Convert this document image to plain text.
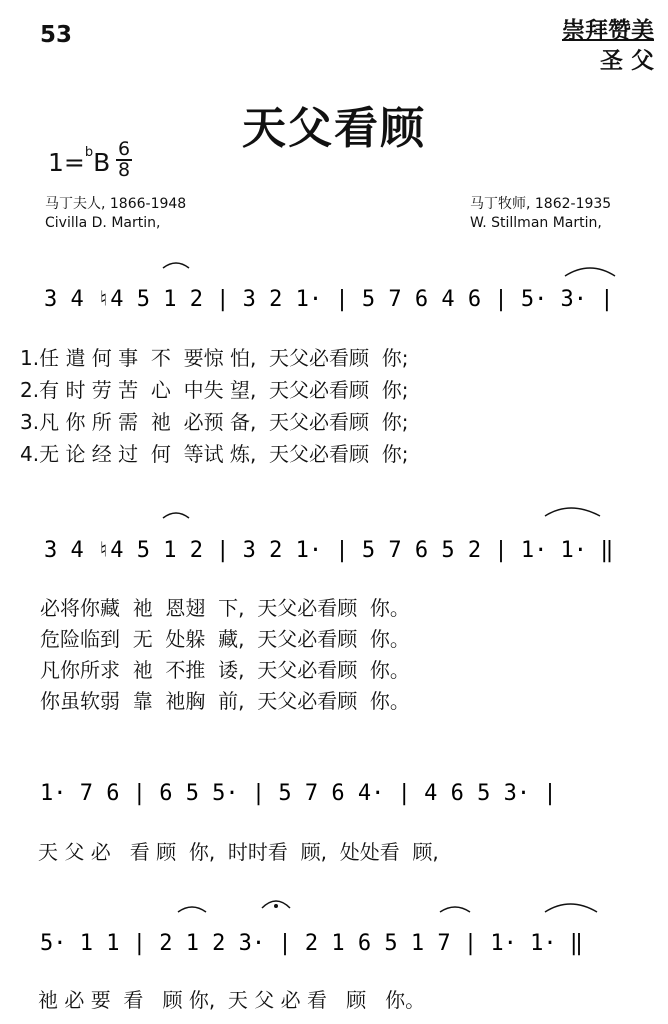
53	崇拜赞美
圣 父
天父看顾
1=$^b$B 6
8
马丁夫人, 1866-1948
Civilla D. Martin,
马丁牧师, 1862-1935
W. Stillman Martin,
3 4 ♮4 5 1 2 | 3 2 1· | 5 7 6 4 6 | 5· 3· |
3 4 ♮4 5 1 2 | 3 2 1· | 5 7 6 5 2 | 1· 1· ‖
1· 7 6 | 6 5 5· | 5 7 6 4· | 4 6 5 3· |
5· 1 1 | 2 1 2 3· | 2 1 6 5 1 7 | 1· 1· ‖
1.任 遣 何 事  不  要惊 怕,  天父必看顾  你;
2.有 时 劳 苦  心  中失 望,  天父必看顾  你;
3.凡 你 所 需  祂  必预 备,  天父必看顾  你;
4.无 论 经 过  何  等试 炼,  天父必看顾  你;
必将你藏  祂  恩翅  下,  天父必看顾  你。
危险临到  无  处躲  藏,  天父必看顾  你。
凡你所求  祂  不推  诿,  天父必看顾  你。
你虽软弱  靠  祂胸  前,  天父必看顾  你。
天 父 必   看 顾  你,  时时看  顾,  处处看  顾,
祂 必 要  看   顾 你,  天 父 必 看   顾   你。
